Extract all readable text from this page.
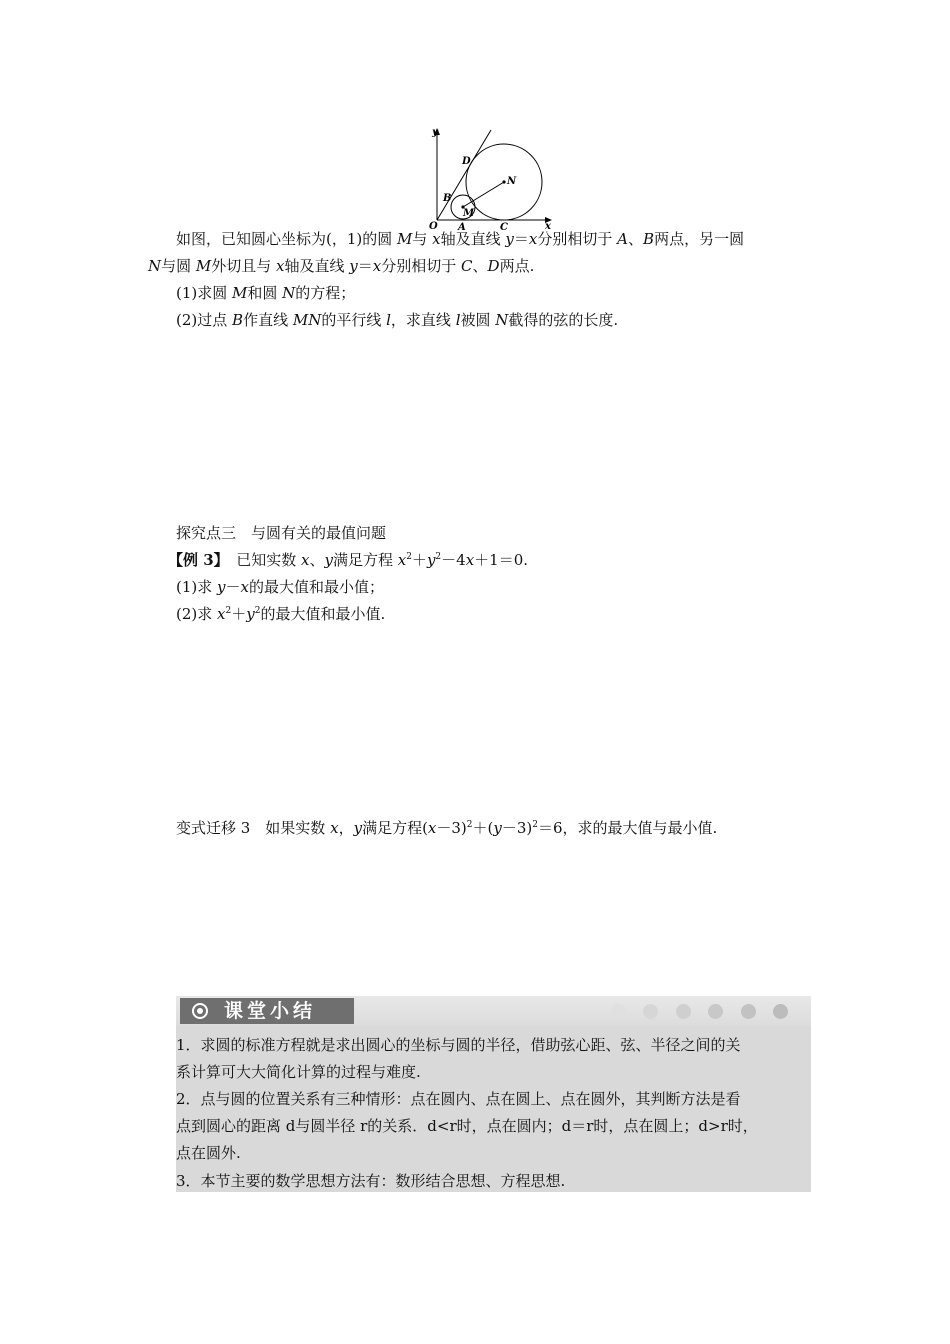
y
x
O A
B
C
D
M
N
如图，已知圆心坐标为(，1)的圆 M与 x轴及直线 y＝x分别相切于 A、B两点，另一圆
N与圆 M外切且与 x轴及直线 y＝x分别相切于 C、D两点.
(1)求圆 M和圆 N的方程；
(2)过点 B作直线 MN的平行线 l，求直线 l被圆 N截得的弦的长度.
探究点三　与圆有关的最值问题
【例 3】　 已知实数 x、y满足方程 $x^2+y^2-4x+1=0$.
(1)求 y－x的最大值和最小值；
(2)求 $x^2+y^2$的最大值和最小值.
变式迁移 3　如果实数 x，y满足方程$(x-3)^2+(y-3)^2=6$，求的最大值与最小值.
课堂小结
1．求圆的标准方程就是求出圆心的坐标与圆的半径，借助弦心距、弦、半径之间的关
系计算可大大简化计算的过程与难度.
2．点与圆的位置关系有三种情形：点在圆内、点在圆上、点在圆外，其判断方法是看
点到圆心的距离 d与圆半径 r的关系．d<r时，点在圆内；d＝r时，点在圆上；d>r时，
点在圆外.
3．本节主要的数学思想方法有：数形结合思想、方程思想.
